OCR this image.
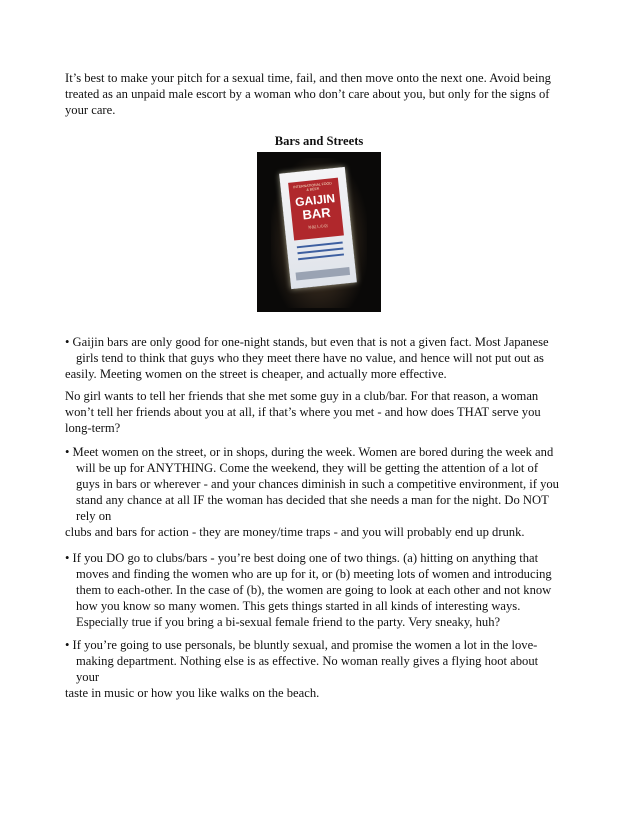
It’s best to make your pitch for a sexual time, fail, and then move onto the next one. Avoid being
treated as an unpaid male escort by a woman who don’t care about you, but only for the signs of
your care.
Bars and Streets
INTERNATIONAL FOOD & BEER
GAIJIN
BAR
外国人の店
• Gaijin bars are only good for one-night stands, but even that is not a given fact. Most Japanese
girls tend to think that guys who they meet there have no value, and hence will not put out as
easily. Meeting women on the street is cheaper, and actually more effective.
No girl wants to tell her friends that she met some guy in a club/bar. For that reason, a woman
won’t tell her friends about you at all, if that’s where you met - and how does THAT serve you
long-term?
• Meet women on the street, or in shops, during the week. Women are bored during the week and
will be up for ANYTHING. Come the weekend, they will be getting the attention of a lot of
guys in bars or wherever - and your chances diminish in such a competitive environment, if you
stand any chance at all IF the woman has decided that she needs a man for the night. Do NOT
rely on
clubs and bars for action - they are money/time traps - and you will probably end up drunk.
• If you DO go to clubs/bars - you’re best doing one of two things. (a) hitting on anything that
moves and finding the women who are up for it, or (b) meeting lots of women and introducing
them to each-other. In the case of (b), the women are going to look at each other and not know
how you know so many women. This gets things started in all kinds of interesting ways.
Especially true if you bring a bi-sexual female friend to the party. Very sneaky, huh?
• If you’re going to use personals, be bluntly sexual, and promise the women a lot in the love-
making department. Nothing else is as effective. No woman really gives a flying hoot about
your
taste in music or how you like walks on the beach.
